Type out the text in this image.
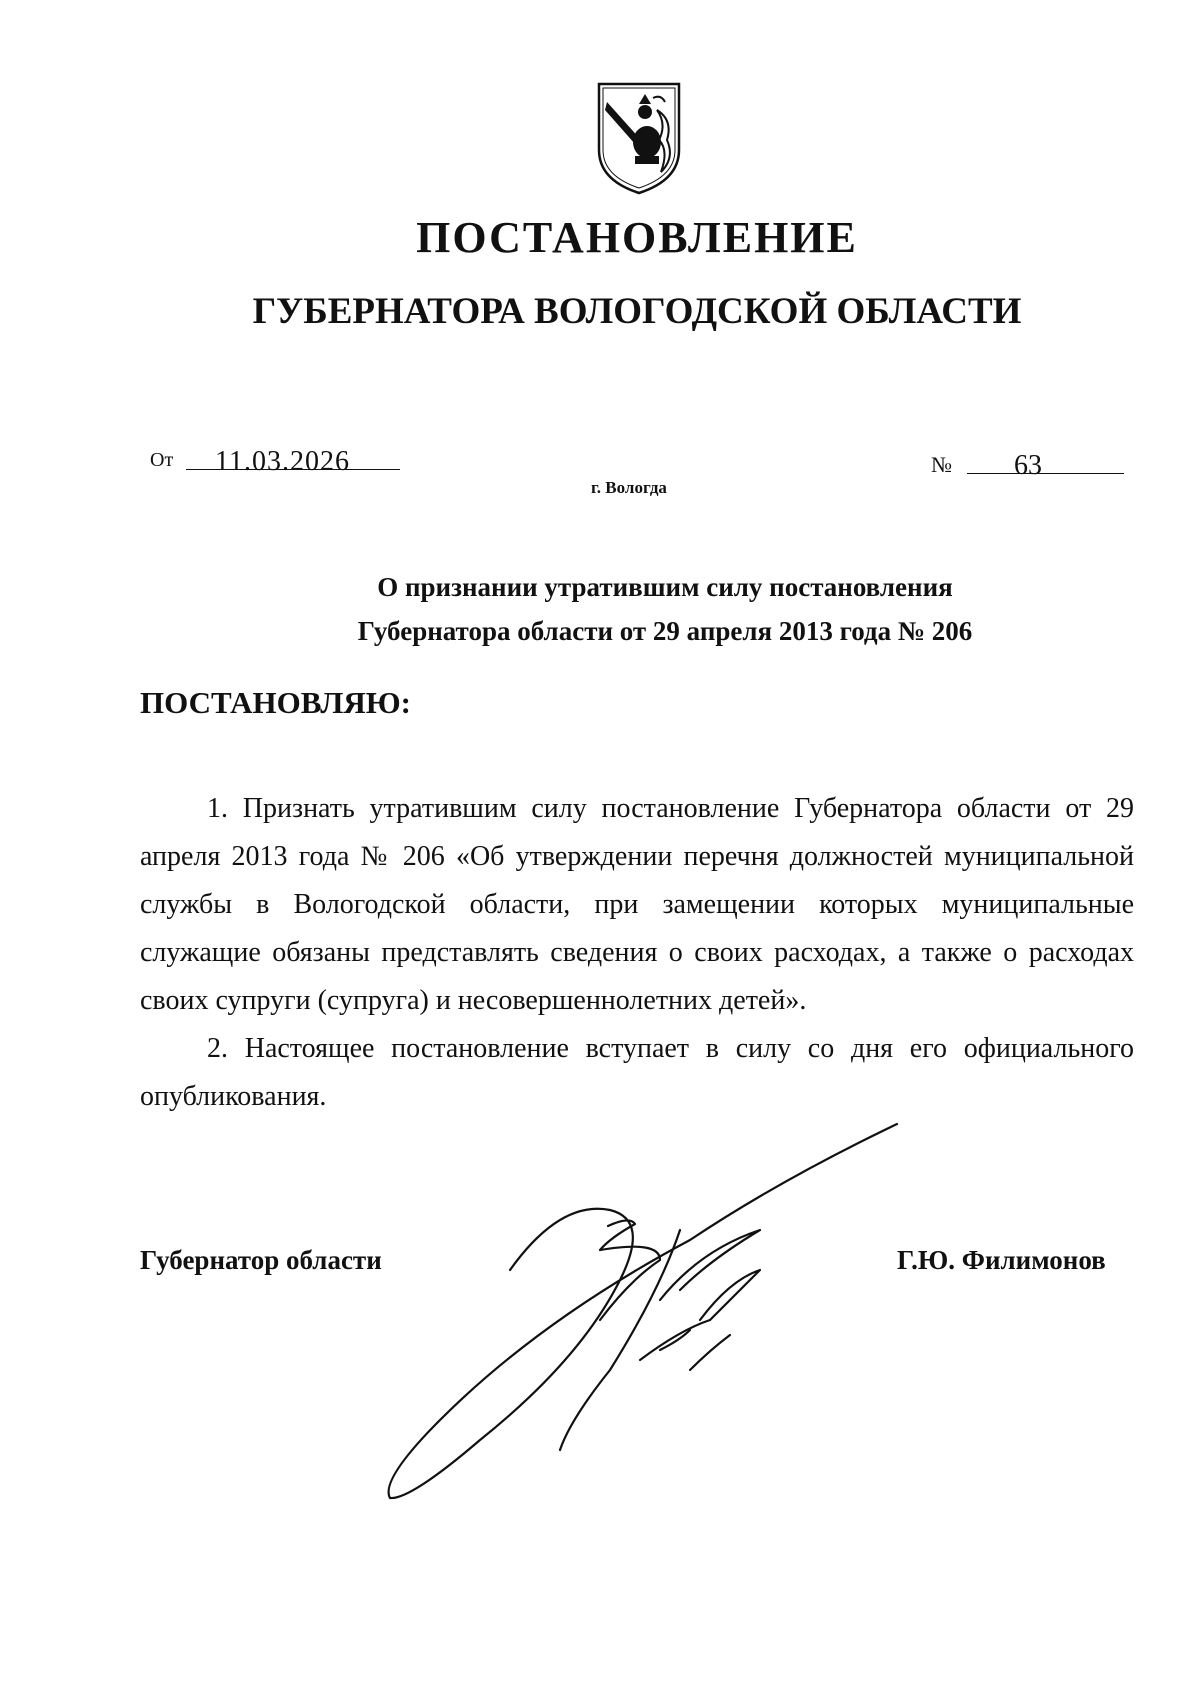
ПОСТАНОВЛЕНИЕ
ГУБЕРНАТОРА ВОЛОГОДСКОЙ ОБЛАСТИ
От 11.03.2026
г. Вологда
№ 63
О признании утратившим силу постановления
Губернатора области от 29 апреля 2013 года № 206
ПОСТАНОВЛЯЮ:

1. Признать утратившим силу постановление Губернатора области от 29 апреля 2013 года № 206 «Об утверждении перечня должностей муниципальной службы в Вологодской области, при замещении которых муниципальные служащие обязаны представлять сведения о своих расходах, а также о расходах своих супруги (супруга) и несовершеннолетних детей».

2. Настоящее постановление вступает в силу со дня его официального опубликования.

Губернатор области	Г.Ю. Филимонов
